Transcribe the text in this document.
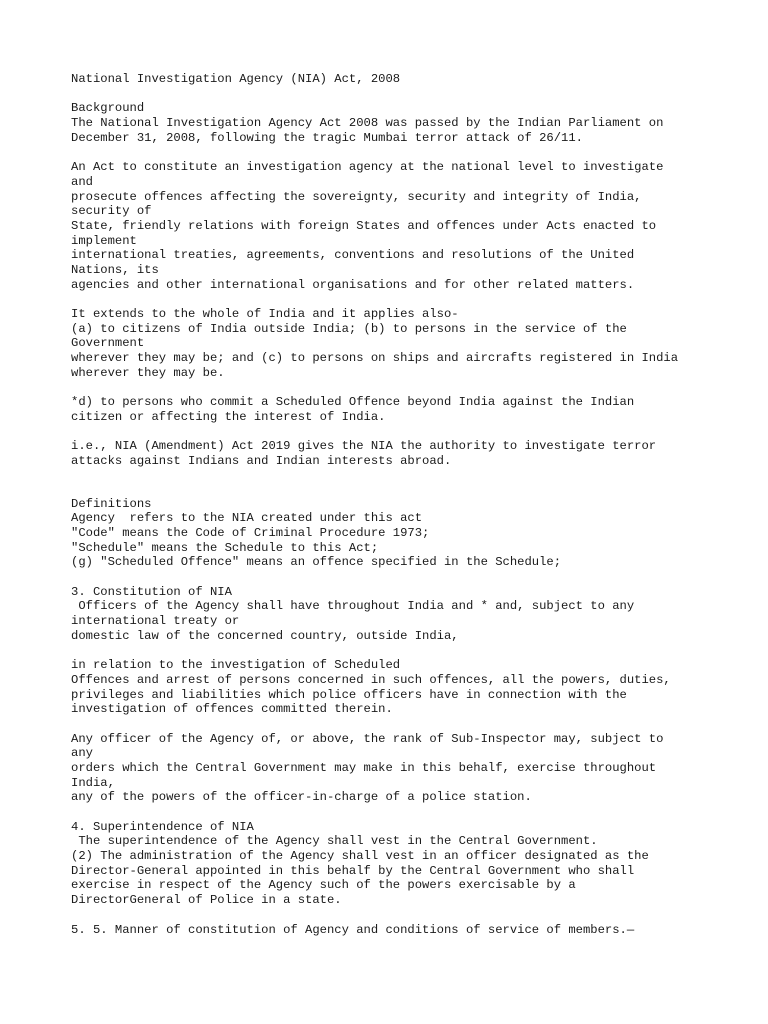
National Investigation Agency (NIA) Act, 2008
Background
The National Investigation Agency Act 2008 was passed by the Indian Parliament on
December 31, 2008, following the tragic Mumbai terror attack of 26/11.
An Act to constitute an investigation agency at the national level to investigate
and
prosecute offences affecting the sovereignty, security and integrity of India,
security of
State, friendly relations with foreign States and offences under Acts enacted to
implement
international treaties, agreements, conventions and resolutions of the United
Nations, its
agencies and other international organisations and for other related matters.
It extends to the whole of India and it applies also-
(a) to citizens of India outside India; (b) to persons in the service of the
Government
wherever they may be; and (c) to persons on ships and aircrafts registered in India
wherever they may be.
*d) to persons who commit a Scheduled Offence beyond India against the Indian
citizen or affecting the interest of India.
i.e., NIA (Amendment) Act 2019 gives the NIA the authority to investigate terror
attacks against Indians and Indian interests abroad.
Definitions
Agency  refers to the NIA created under this act
"Code" means the Code of Criminal Procedure 1973;
"Schedule" means the Schedule to this Act;
(g) "Scheduled Offence" means an offence specified in the Schedule;
3. Constitution of NIA
Officers of the Agency shall have throughout India and * and, subject to any
international treaty or
domestic law of the concerned country, outside India,
in relation to the investigation of Scheduled
Offences and arrest of persons concerned in such offences, all the powers, duties,
privileges and liabilities which police officers have in connection with the
investigation of offences committed therein.
Any officer of the Agency of, or above, the rank of Sub-Inspector may, subject to
any
orders which the Central Government may make in this behalf, exercise throughout
India,
any of the powers of the officer-in-charge of a police station.
4. Superintendence of NIA
The superintendence of the Agency shall vest in the Central Government.
(2) The administration of the Agency shall vest in an officer designated as the
Director-General appointed in this behalf by the Central Government who shall
exercise in respect of the Agency such of the powers exercisable by a
DirectorGeneral of Police in a state.
5. 5. Manner of constitution of Agency and conditions of service of members.—
